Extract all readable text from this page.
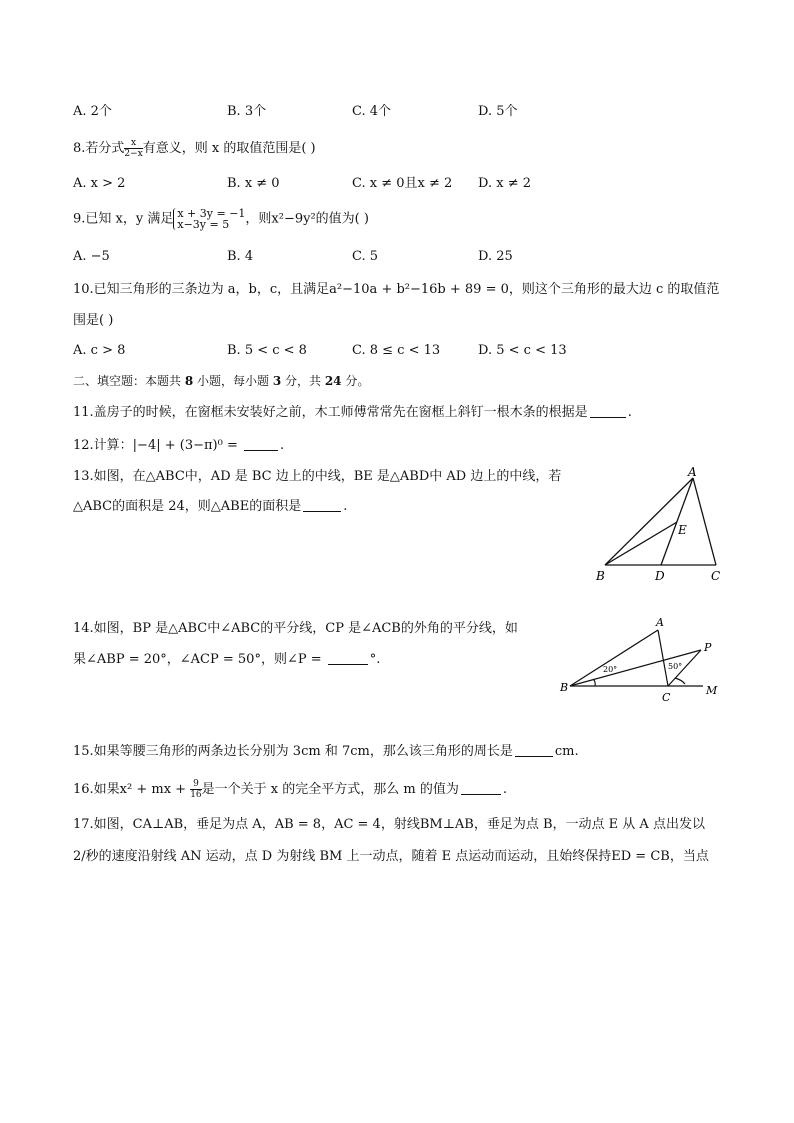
A. 2个	B. 3个	C. 4个	D. 5个
8.若分式 $\frac{x}{2-x}$ 有意义，则 x 的取值范围是( )
A. x > 2	B. x ≠ 0	C. x ≠ 0且x ≠ 2 D. x ≠ 2
9.已知 x，y 满足 x + 3y = −1
x−3y = 5	，则x²−9y²的值为( )
A. −5	B. 4	C. 5	D. 25
10.已知三角形的三条边为 a，b，c，且满足a²−10a + b²−16b + 89 = 0，则这个三角形的最大边 c 的取值范
围是( )
A. c > 8	B. 5 < c < 8	C. 8 ≤ c < 13	D. 5 < c < 13
二、填空题：本题共 8 小题，每小题 3 分，共 24 分。
11.盖房子的时候，在窗框未安装好之前，木工师傅常常先在窗框上斜钉一根木条的根据是	.
12.计算：|−4| + (3−π)⁰ =	.
13.如图，在△ABC中，AD 是 BC 边上的中线，BE 是△ABD中 AD 边上的中线，若
△ABC的面积是 24，则△ABE的面积是	.
A
B	D	C
E
14.如图，BP 是△ABC中∠ABC的平分线，CP 是∠ACB的外角的平分线，如
果∠ABP = 20°，∠ACP = 50°，则∠P =	°.
A
B
C
P
M
20°	50°
15.如果等腰三角形的两条边长分别为 3cm 和 7cm，那么该三角形的周长是	cm.
16.如果x² + mx + $\frac{9}{16}$ 是一个关于 x 的完全平方式，那么 m 的值为	.
17.如图，CA⊥AB，垂足为点 A，AB = 8，AC = 4，射线BM⊥AB，垂足为点 B，一动点 E 从 A 点出发以
2/秒的速度沿射线 AN 运动，点 D 为射线 BM 上一动点，随着 E 点运动而运动，且始终保持ED = CB，当点
